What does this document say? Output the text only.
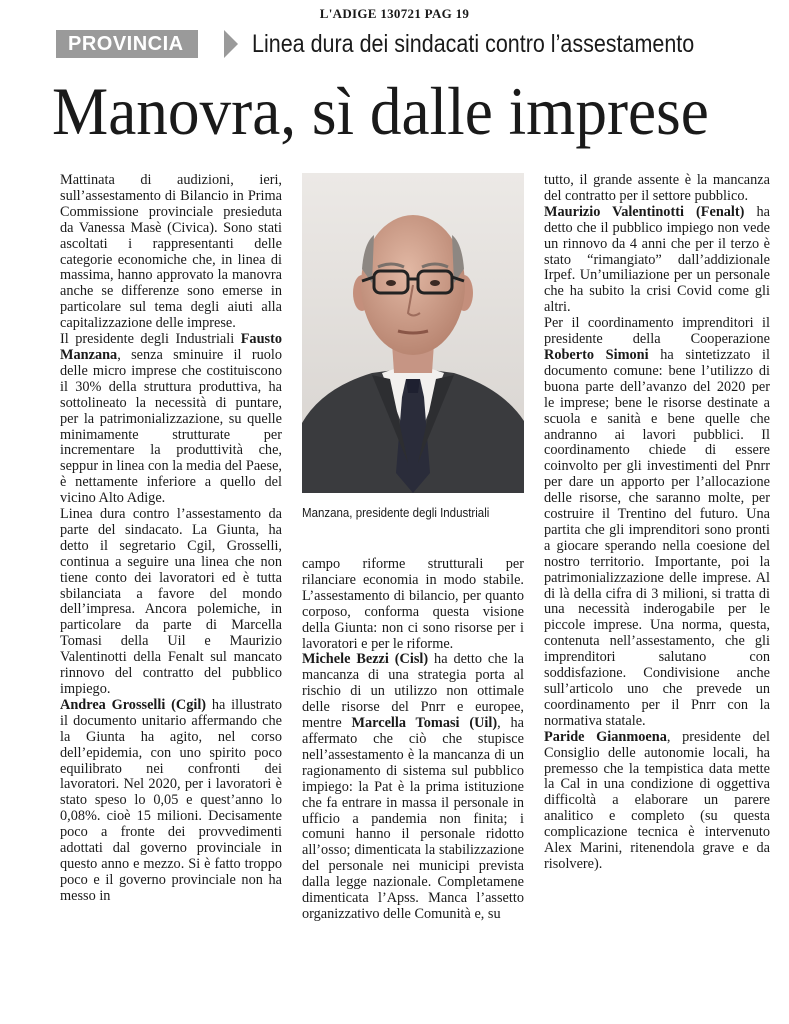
L'ADIGE 130721 PAG 19
PROVINCIA	Linea dura dei sindacati contro l’assestamento
Manovra, sì dalle imprese

Mattinata di audizioni, ieri, sull’assestamento di Bilancio in Prima Commissione provinciale presieduta da Vanessa Masè (Civica). Sono stati ascoltati i rappresentanti delle categorie economiche che, in linea di massima, hanno approvato la manovra anche se differenze sono emerse in particolare sul tema degli aiuti alla capitalizzazione delle imprese.

Il presidente degli Industriali Fausto Manzana, senza sminuire il ruolo delle micro imprese che costituiscono il 30% della struttura produttiva, ha sottolineato la necessità di puntare, per la patrimonializzazione, su quelle minimamente strutturate per incrementare la produttività che, seppur in linea con la media del Paese, è nettamente inferiore a quello del vicino Alto Adige.

Linea dura contro l’assestamento da parte del sindacato. La Giunta, ha detto il segretario Cgil, Grosselli, continua a seguire una linea che non tiene conto dei lavoratori ed è tutta sbilanciata a favore del mondo dell’impresa. Ancora polemiche, in particolare da parte di Marcella Tomasi della Uil e Maurizio Valentinotti della Fenalt sul mancato rinnovo del contratto del pubblico impiego.

Andrea Grosselli (Cgil) ha illustrato il documento unitario affermando che la Giunta ha agito, nel corso dell’epidemia, con uno spirito poco equilibrato nei confronti dei lavoratori. Nel 2020, per i lavoratori è stato speso lo 0,05 e quest’anno lo 0,08%. cioè 15 milioni. Decisamente poco a fronte dei provvedimenti adottati dal governo provinciale in questo anno e mezzo. Si è fatto troppo poco e il governo provinciale non ha messo in

Manzana, presidente degli Industriali

campo riforme strutturali per rilanciare economia in modo stabile. L’assestamento di bilancio, per quanto corposo, conforma questa visione della Giunta: non ci sono risorse per i lavoratori e per le riforme.

Michele Bezzi (Cisl) ha detto che la mancanza di una strategia porta al rischio di un utilizzo non ottimale delle risorse del Pnrr e europee, mentre Marcella Tomasi (Uil), ha affermato che ciò che stupisce nell’assestamento è la mancanza di un ragionamento di sistema sul pubblico impiego: la Pat è la prima istituzione che fa entrare in massa il personale in ufficio a pandemia non finita; i comuni hanno il personale ridotto all’osso; dimenticata la stabilizzazione del personale nei municipi prevista dalla legge nazionale. Completamene dimenticata l’Apss. Manca l’assetto organizzativo delle Comunità e, su

tutto, il grande assente è la mancanza del contratto per il settore pubblico.

Maurizio Valentinotti (Fenalt) ha detto che il pubblico impiego non vede un rinnovo da 4 anni che per il terzo è stato “rimangiato” dall’addizionale Irpef. Un’umiliazione per un personale che ha subito la crisi Covid come gli altri.

Per il coordinamento imprenditori il presidente della Cooperazione Roberto Simoni ha sintetizzato il documento comune: bene l’utilizzo di buona parte dell’avanzo del 2020 per le imprese; bene le risorse destinate a scuola e sanità e bene quelle che andranno ai lavori pubblici. Il coordinamento chiede di essere coinvolto per gli investimenti del Pnrr per dare un apporto per l’allocazione delle risorse, che saranno molte, per costruire il Trentino del futuro. Una partita che gli imprenditori sono pronti a giocare sperando nella coesione del nostro territorio. Importante, poi la patrimonializzazione delle imprese. Al di là della cifra di 3 milioni, si tratta di una necessità inderogabile per le piccole imprese. Una norma, questa, contenuta nell’assestamento, che gli imprenditori salutano con soddisfazione. Condivisione anche sull’articolo uno che prevede un coordinamento per il Pnrr con la normativa statale.

Paride Gianmoena, presidente del Consiglio delle autonomie locali, ha premesso che la tempistica data mette la Cal in una condizione di oggettiva difficoltà a elaborare un parere analitico e completo (su questa complicazione tecnica è intervenuto Alex Marini, ritenendola grave e da risolvere).
